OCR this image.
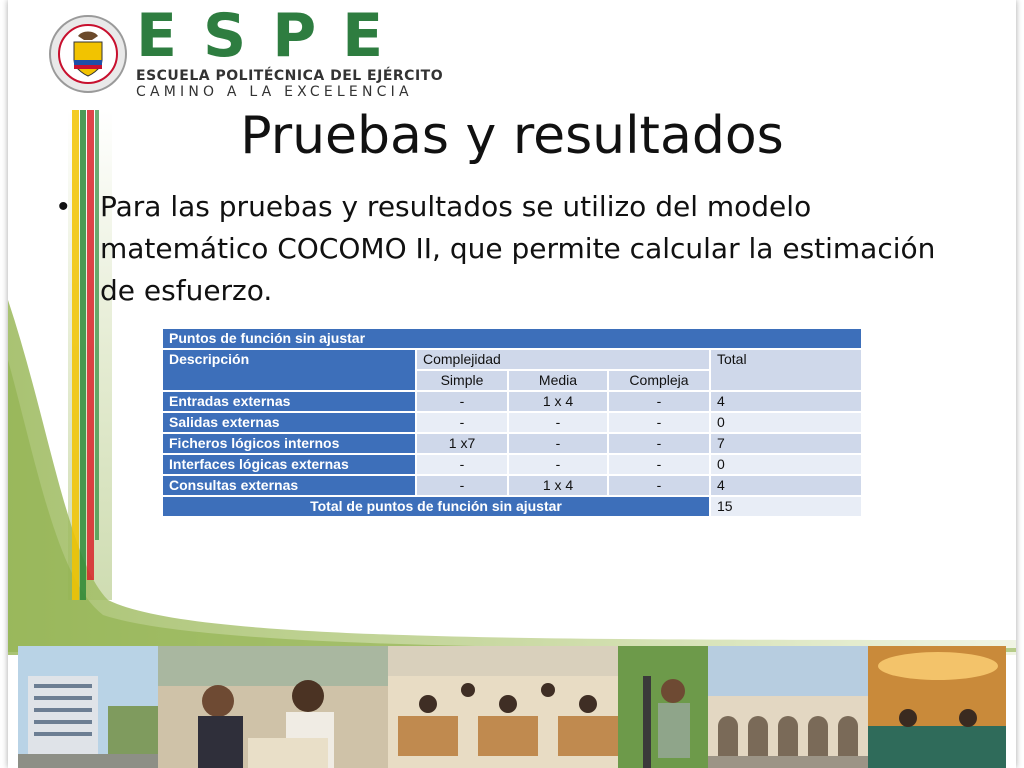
ESPE
ESCUELA POLITÉCNICA DEL EJÉRCITO
CAMINO A LA EXCELENCIA
Pruebas y resultados
• Para las pruebas y resultados se utilizo del modelo matemático COCOMO II, que permite calcular la estimación de esfuerzo.
Puntos de función sin ajustar				
Descripción	Complejidad			Total
	Simple	Media	Compleja	
Entradas externas	-	1 x 4	-	4
Salidas externas	-	-	-	0
Ficheros lógicos internos	1 x7	-	-	7
Interfaces lógicas externas	-	-	-	0
Consultas externas	-	1 x 4	-	4
Total de puntos de función sin ajustar				15
